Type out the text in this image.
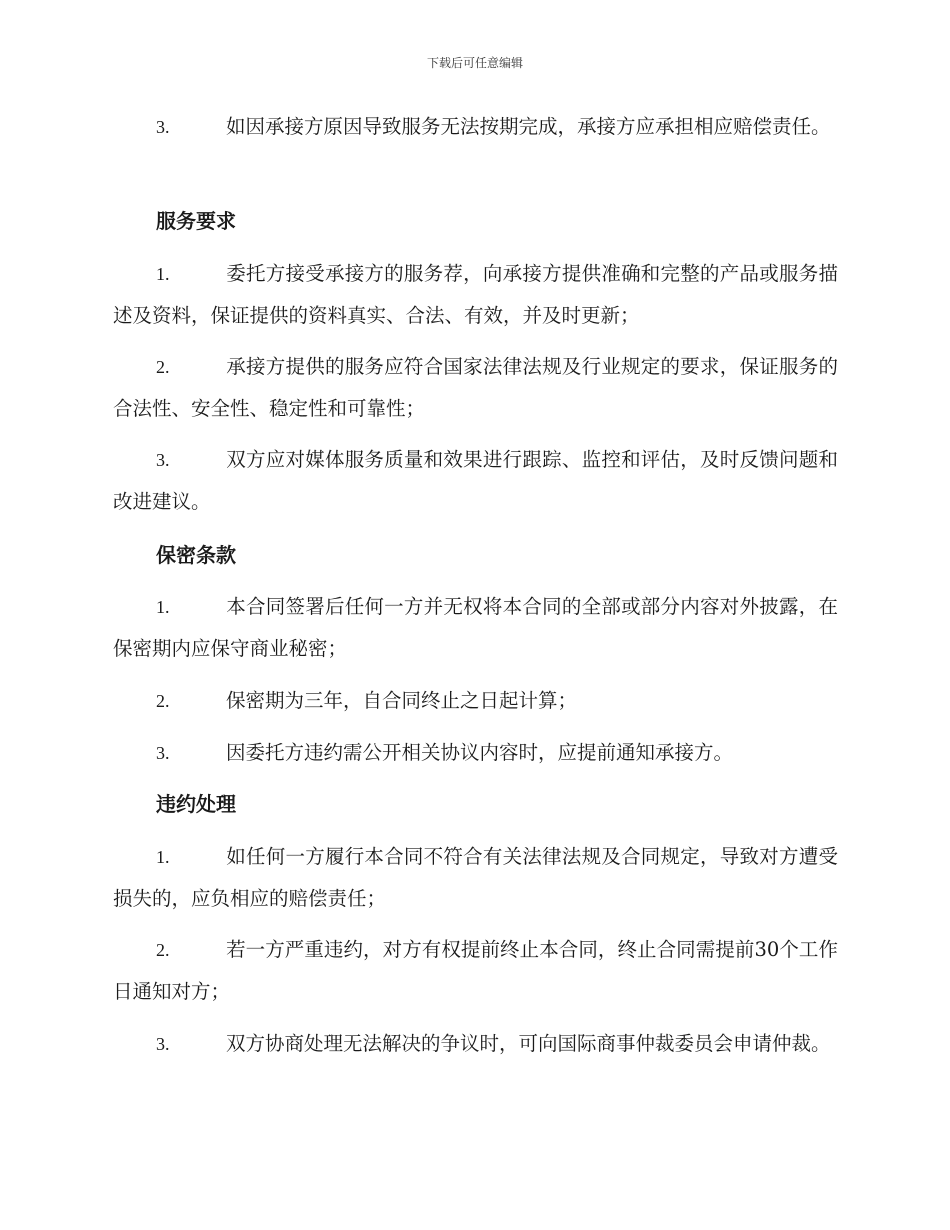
下载后可任意编辑
3.	如因承接方原因导致服务无法按期完成，承接方应承担相应赔偿责任。
服务要求
1.	委托方接受承接方的服务荐，向承接方提供准确和完整的产品或服务描述及资料，保证提供的资料真实、合法、有效，并及时更新；
2.	承接方提供的服务应符合国家法律法规及行业规定的要求，保证服务的合法性、安全性、稳定性和可靠性；
3.	双方应对媒体服务质量和效果进行跟踪、监控和评估，及时反馈问题和改进建议。
保密条款
1.	本合同签署后任何一方并无权将本合同的全部或部分内容对外披露，在保密期内应保守商业秘密；
2.	保密期为三年，自合同终止之日起计算；
3.	因委托方违约需公开相关协议内容时，应提前通知承接方。
违约处理
1.	如任何一方履行本合同不符合有关法律法规及合同规定，导致对方遭受损失的，应负相应的赔偿责任；
2.	若一方严重违约，对方有权提前终止本合同，终止合同需提前30个工作日通知对方；
3.	双方协商处理无法解决的争议时，可向国际商事仲裁委员会申请仲裁。
